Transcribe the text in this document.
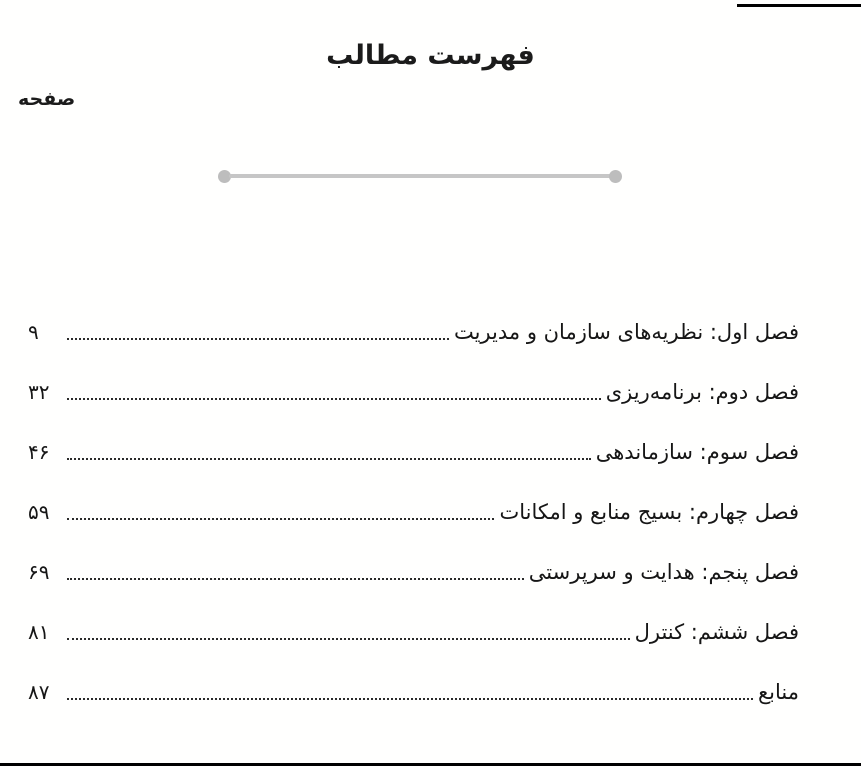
فهرست مطالب
صفحه
فصل اول: نظریه‌های سازمان و مدیریت
۹
فصل دوم: برنامه‌ریزی
۳۲
فصل سوم: سازماندهی
۴۶
فصل چهارم: بسیج منابع و امکانات
۵۹
فصل پنجم: هدایت و سرپرستی
۶۹
فصل ششم: کنترل
۸۱
منابع
۸۷
